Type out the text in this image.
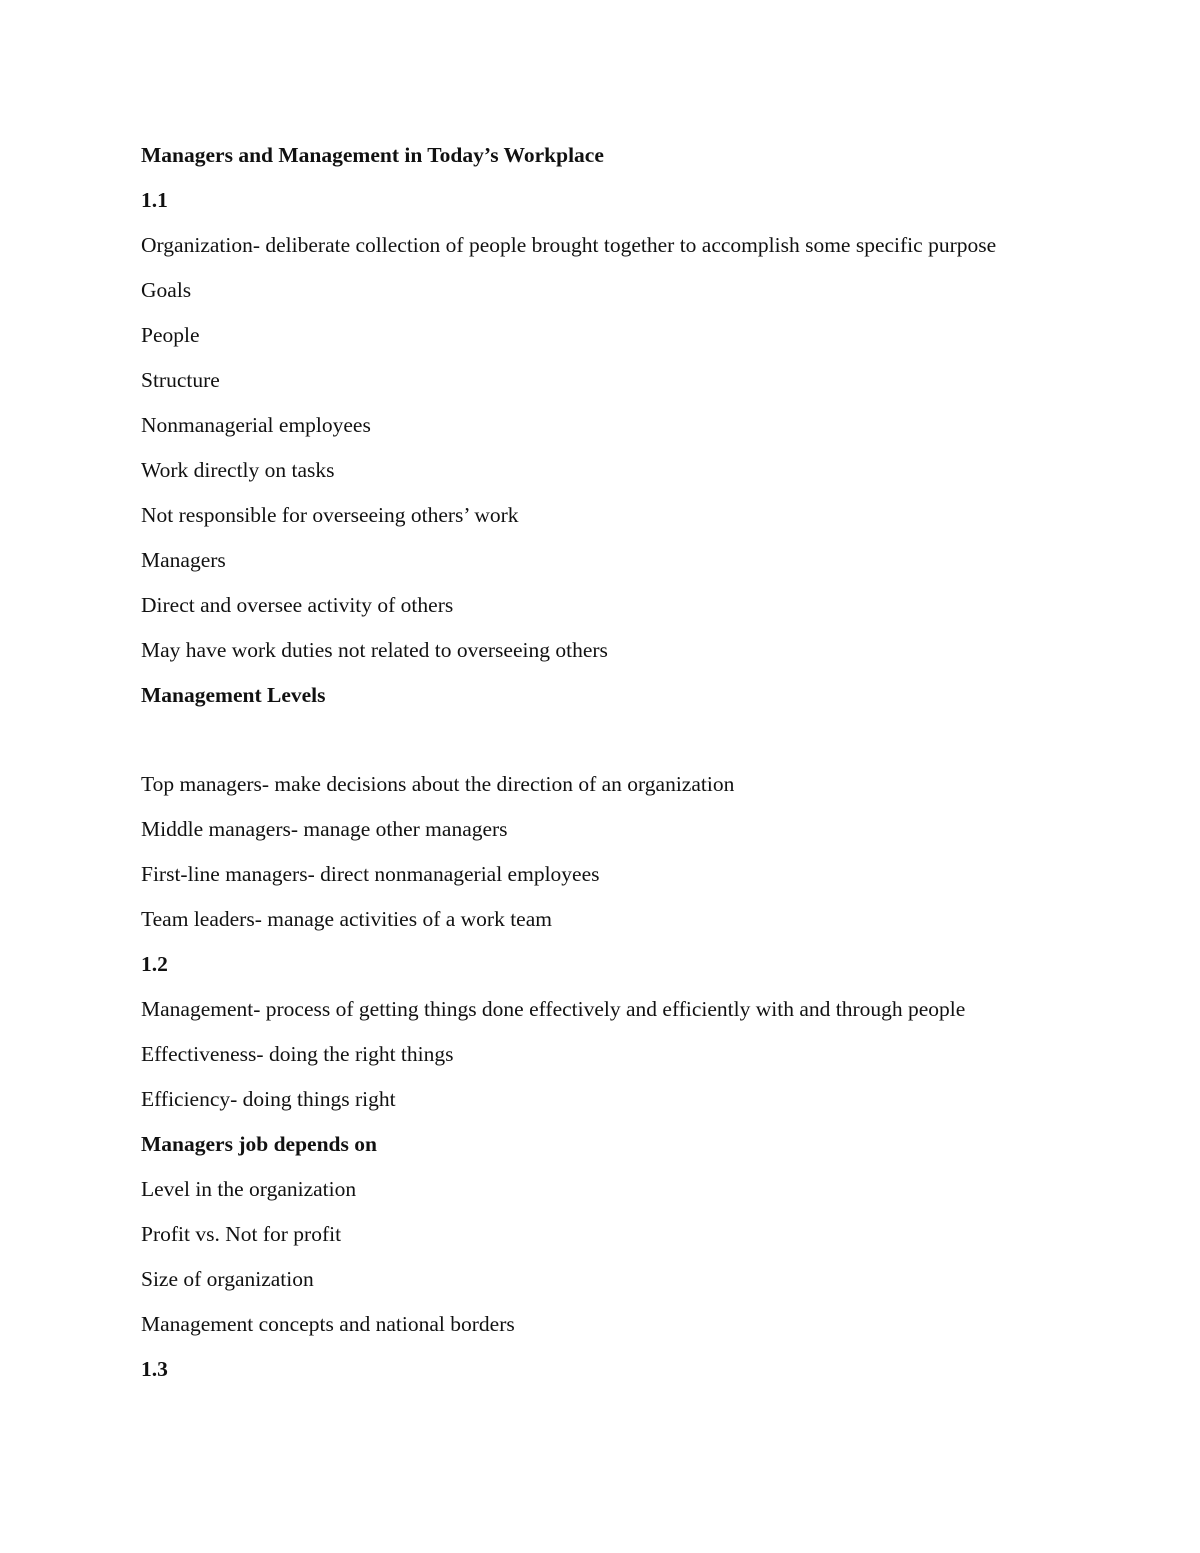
Managers and Management in Today’s Workplace
1.1
Organization- deliberate collection of people brought together to accomplish some specific purpose
Goals
People
Structure
Nonmanagerial employees
Work directly on tasks
Not responsible for overseeing others’ work
Managers
Direct and oversee activity of others
May have work duties not related to overseeing others
Management Levels
Top managers- make decisions about the direction of an organization
Middle managers- manage other managers
First-line managers- direct nonmanagerial employees
Team leaders- manage activities of a work team
1.2
Management- process of getting things done effectively and efficiently with and through people
Effectiveness- doing the right things
Efficiency- doing things right
Managers job depends on
Level in the organization
Profit vs. Not for profit
Size of organization
Management concepts and national borders
1.3
